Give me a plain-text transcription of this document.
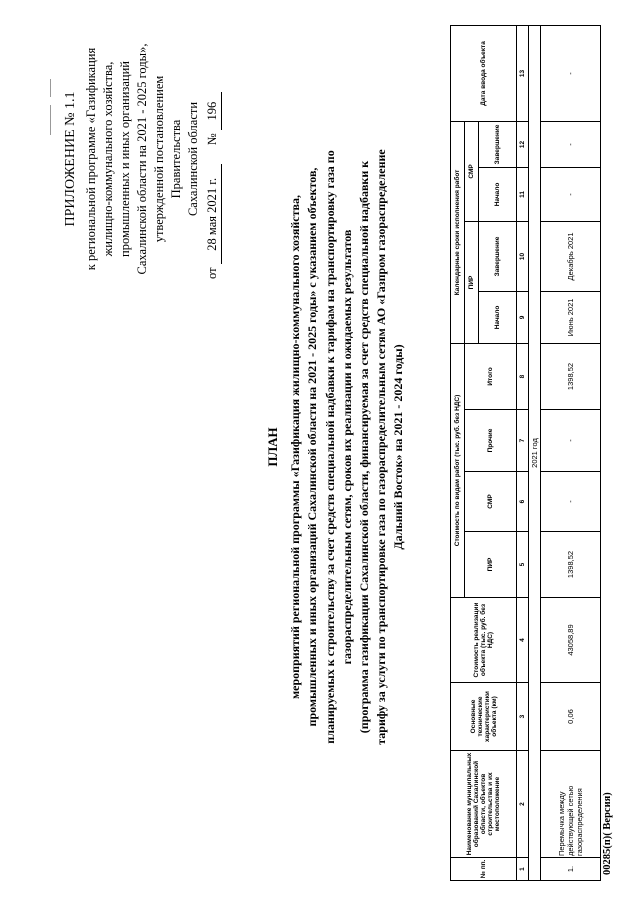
ПРИЛОЖЕНИЕ № 1.1 к региональной программе «Газификация жилищно-коммунального хозяйства, промышленных и иных организаций Сахалинской области на 2021 - 2025 годы», утвержденной постановлением Правительства Сахалинской области
от 28 мая 2021 г. № 196
ПЛАН мероприятий региональной программы «Газификация жилищно-коммунального хозяйства, промышленных и иных организаций Сахалинской области на 2021 - 2025 годы» с указанием объектов, планируемых к строительству за счет средств специальной надбавки к тарифам на транспортировку газа по газораспределительным сетям, сроков их реализации и ожидаемых результатов (программа газификации Сахалинской области, финансируемая за счет средств специальной надбавки к тарифу за услуги по транспортировке газа по газораспределительным сетям АО «Газпром газораспределение Дальний Восток» на 2021 - 2024 годы)
№ пп.	Наименование муниципальных образований Сахалинской области, объектов строительства и их местоположение	Основные технические характеристики объекта (км)	Стоимость реализации объекта (тыс. руб. без НДС)	Стоимость по видам работ (тыс. руб. без НДС)				Календарные сроки исполнения работ				Дата ввода объекта
				ПИР	СМР	Прочие	Итого	ПИР		СМР		
								Начало	Завершение	Начало	Завершение	
1	2	3	4	5	6	7	8	9	10	11	12	13
2021 год												
1.	Перемычка между действующей сетью газораспределения	0,06	43058,89	1398,52	-	-	1398,52	Июнь 2021	Декабрь 2021	-	-	-
00285(п)( Версия)
